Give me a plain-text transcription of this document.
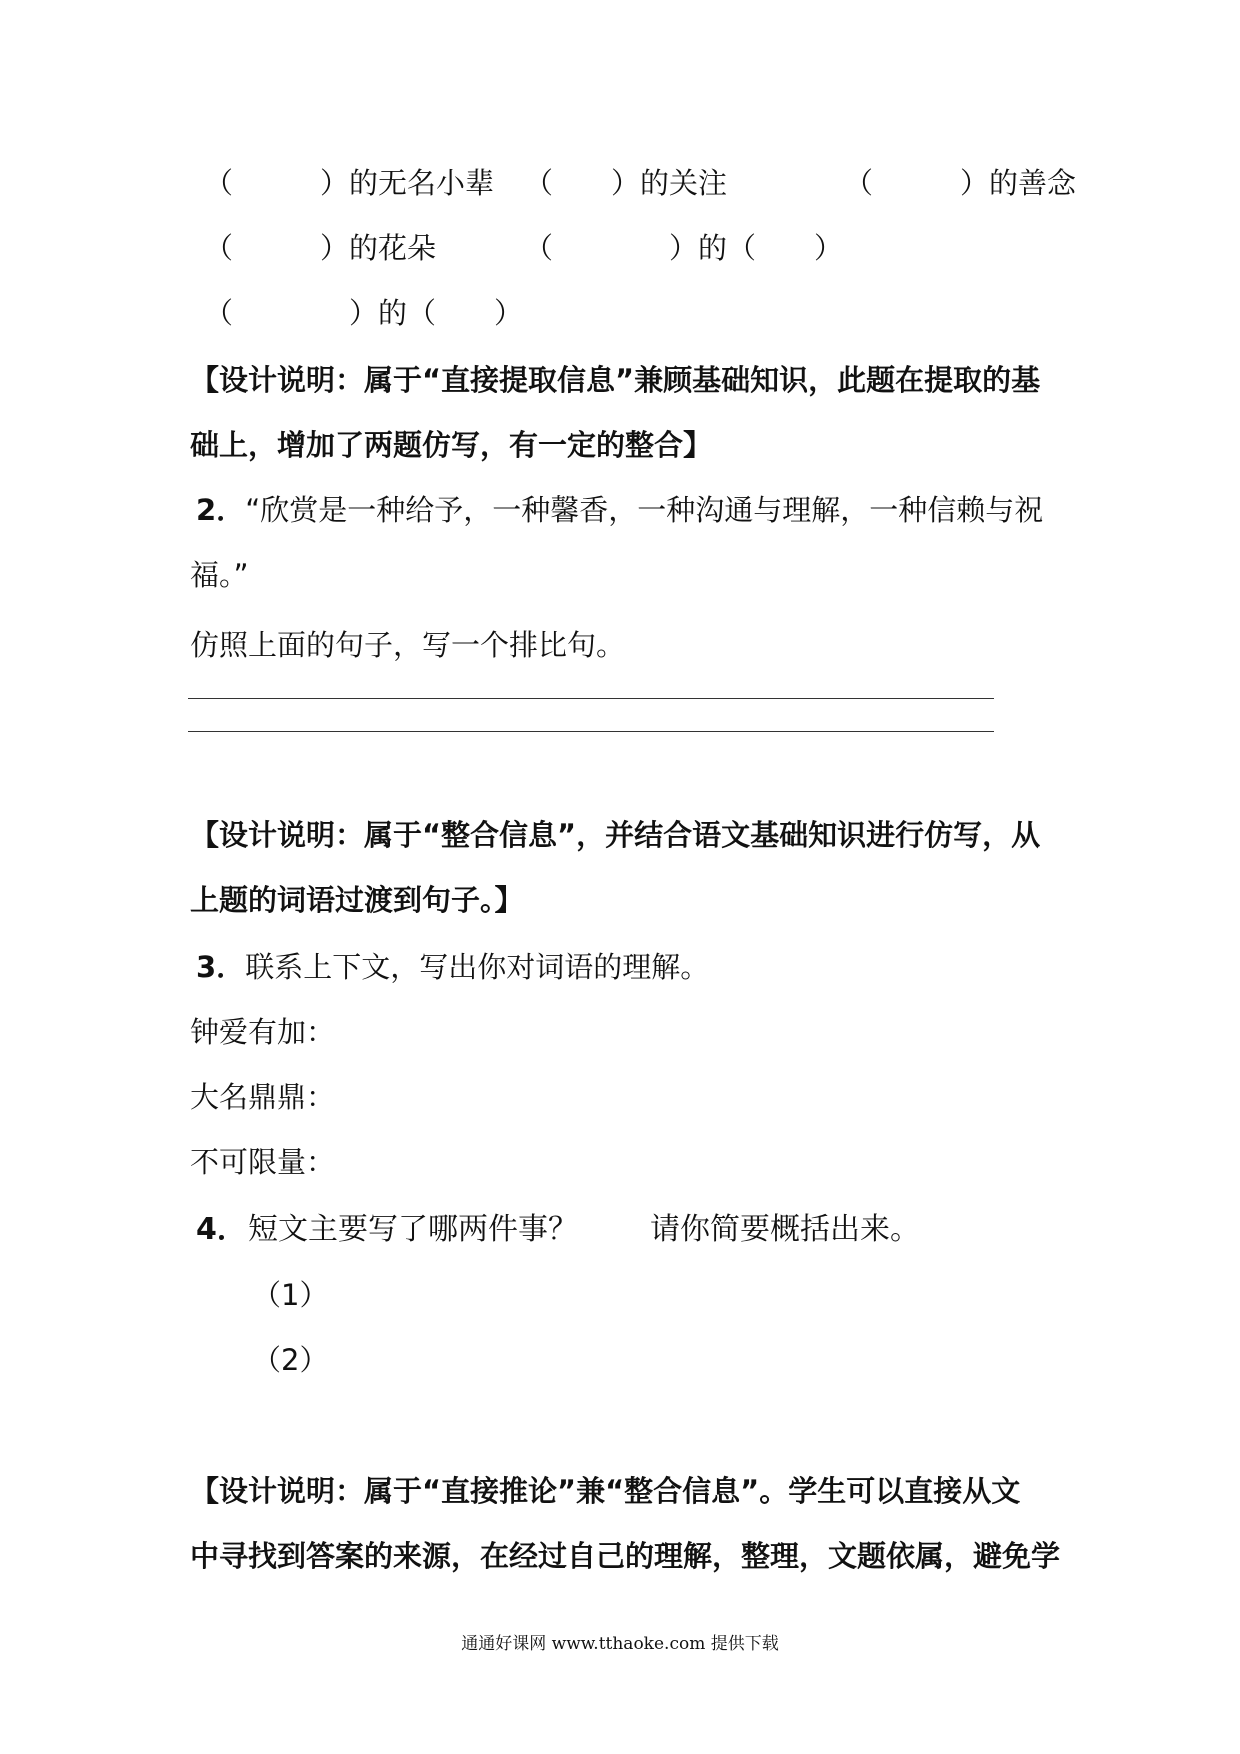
（　　　）的无名小辈 （　　）的关注	（　　　）的善念
（　　　）的花朵	（　　　　）的（　　）
（　　　　）的（　　）
【设计说明：属于“直接提取信息”兼顾基础知识，此题在提取的基
础上，增加了两题仿写，有一定的整合】
2．“欣赏是一种给予，一种馨香，一种沟通与理解，一种信赖与祝
福。”
仿照上面的句子，写一个排比句。
【设计说明：属于“整合信息”，并结合语文基础知识进行仿写，从
上题的词语过渡到句子。】
3．联系上下文，写出你对词语的理解。
钟爱有加：
大名鼎鼎：
不可限量：
4． 短文主要写了哪两件事？ 请你简要概括出来。
（1）
（2）
【设计说明：属于“直接推论”兼“整合信息”。学生可以直接从文
中寻找到答案的来源，在经过自己的理解，整理，文题依属，避免学
通通好课网 www.tthaoke.com 提供下载
